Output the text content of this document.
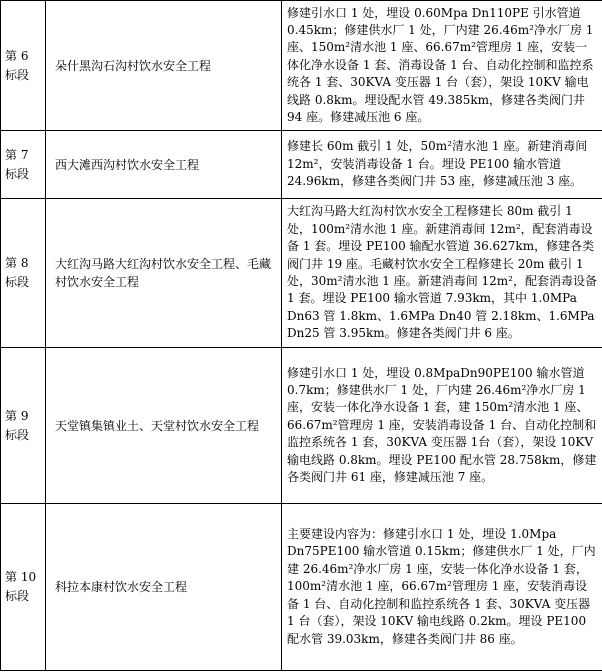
第 6 标段	朵什黑沟石沟村饮水安全工程	修建引水口 1 处，埋设 0.60Mpa Dn110PE 引水管道 0.45km；修建供水厂 1 处，厂内建 26.46m²净水厂房 1 座、150m²清水池 1 座、66.67m²管理房 1 座，安装一体化净水设备 1 套、消毒设备 1 台、自动化控制和监控系统各 1 套、30KVA 变压器 1 台（套），架设 10KV 输电线路 0.8km。埋设配水管 49.385km，修建各类阀门井 94 座。修建减压池 6 座。

第 7 标段	西大滩西沟村饮水安全工程	修建长 60m 截引 1 处，50m²清水池 1 座。新建消毒间 12m²，安装消毒设备 1 台。埋设 PE100 输水管道 24.96km，修建各类阀门井 53 座，修建减压池 3 座。

第 8 标段	大红沟马路大红沟村饮水安全工程、毛藏村饮水安全工程	大红沟马路大红沟村饮水安全工程修建长 80m 截引 1 处，100m²清水池 1 座。新建消毒间 12m²，配套消毒设备 1 套。埋设 PE100 输配水管道 36.627km，修建各类阀门井 19 座。毛藏村饮水安全工程修建长 20m 截引 1 处，30m²清水池 1 座。新建消毒间 12m²，配套消毒设备 1 套。埋设 PE100 输水管道 7.93km，其中 1.0MPa Dn63 管 1.8km、1.6MPa Dn40 管 2.18km、1.6MPa Dn25 管 3.95km。修建各类阀门井 6 座。

第 9 标段	天堂镇集镇业土、天堂村饮水安全工程	修建引水口 1 处，埋设 0.8MpaDn90PE100 输水管道 0.7km；修建供水厂 1 处，厂内建 26.46m²净水厂房 1 座，安装一体化净水设备 1 套，建 150m²清水池 1 座、66.67m²管理房 1 座，安装消毒设备 1 台、自动化控制和监控系统各 1 套，30KVA 变压器 1台（套），架设 10KV 输电线路 0.8km。埋设 PE100 配水管 28.758km，修建各类阀门井 61 座，修建减压池 7 座。

第 10 标段	科拉本康村饮水安全工程	主要建设内容为：修建引水口 1 处，埋设 1.0Mpa Dn75PE100 输水管道 0.15km；修建供水厂 1 处，厂内建 26.46m²净水厂房 1 座，安装一体化净水设备 1 套，100m²清水池 1 座，66.67m²管理房 1 座，安装消毒设备 1 台、自动化控制和监控系统各 1 套、30KVA 变压器 1 台（套），架设 10KV 输电线路 0.2km。埋设 PE100 配水管 39.03km，修建各类阀门井 86 座。
